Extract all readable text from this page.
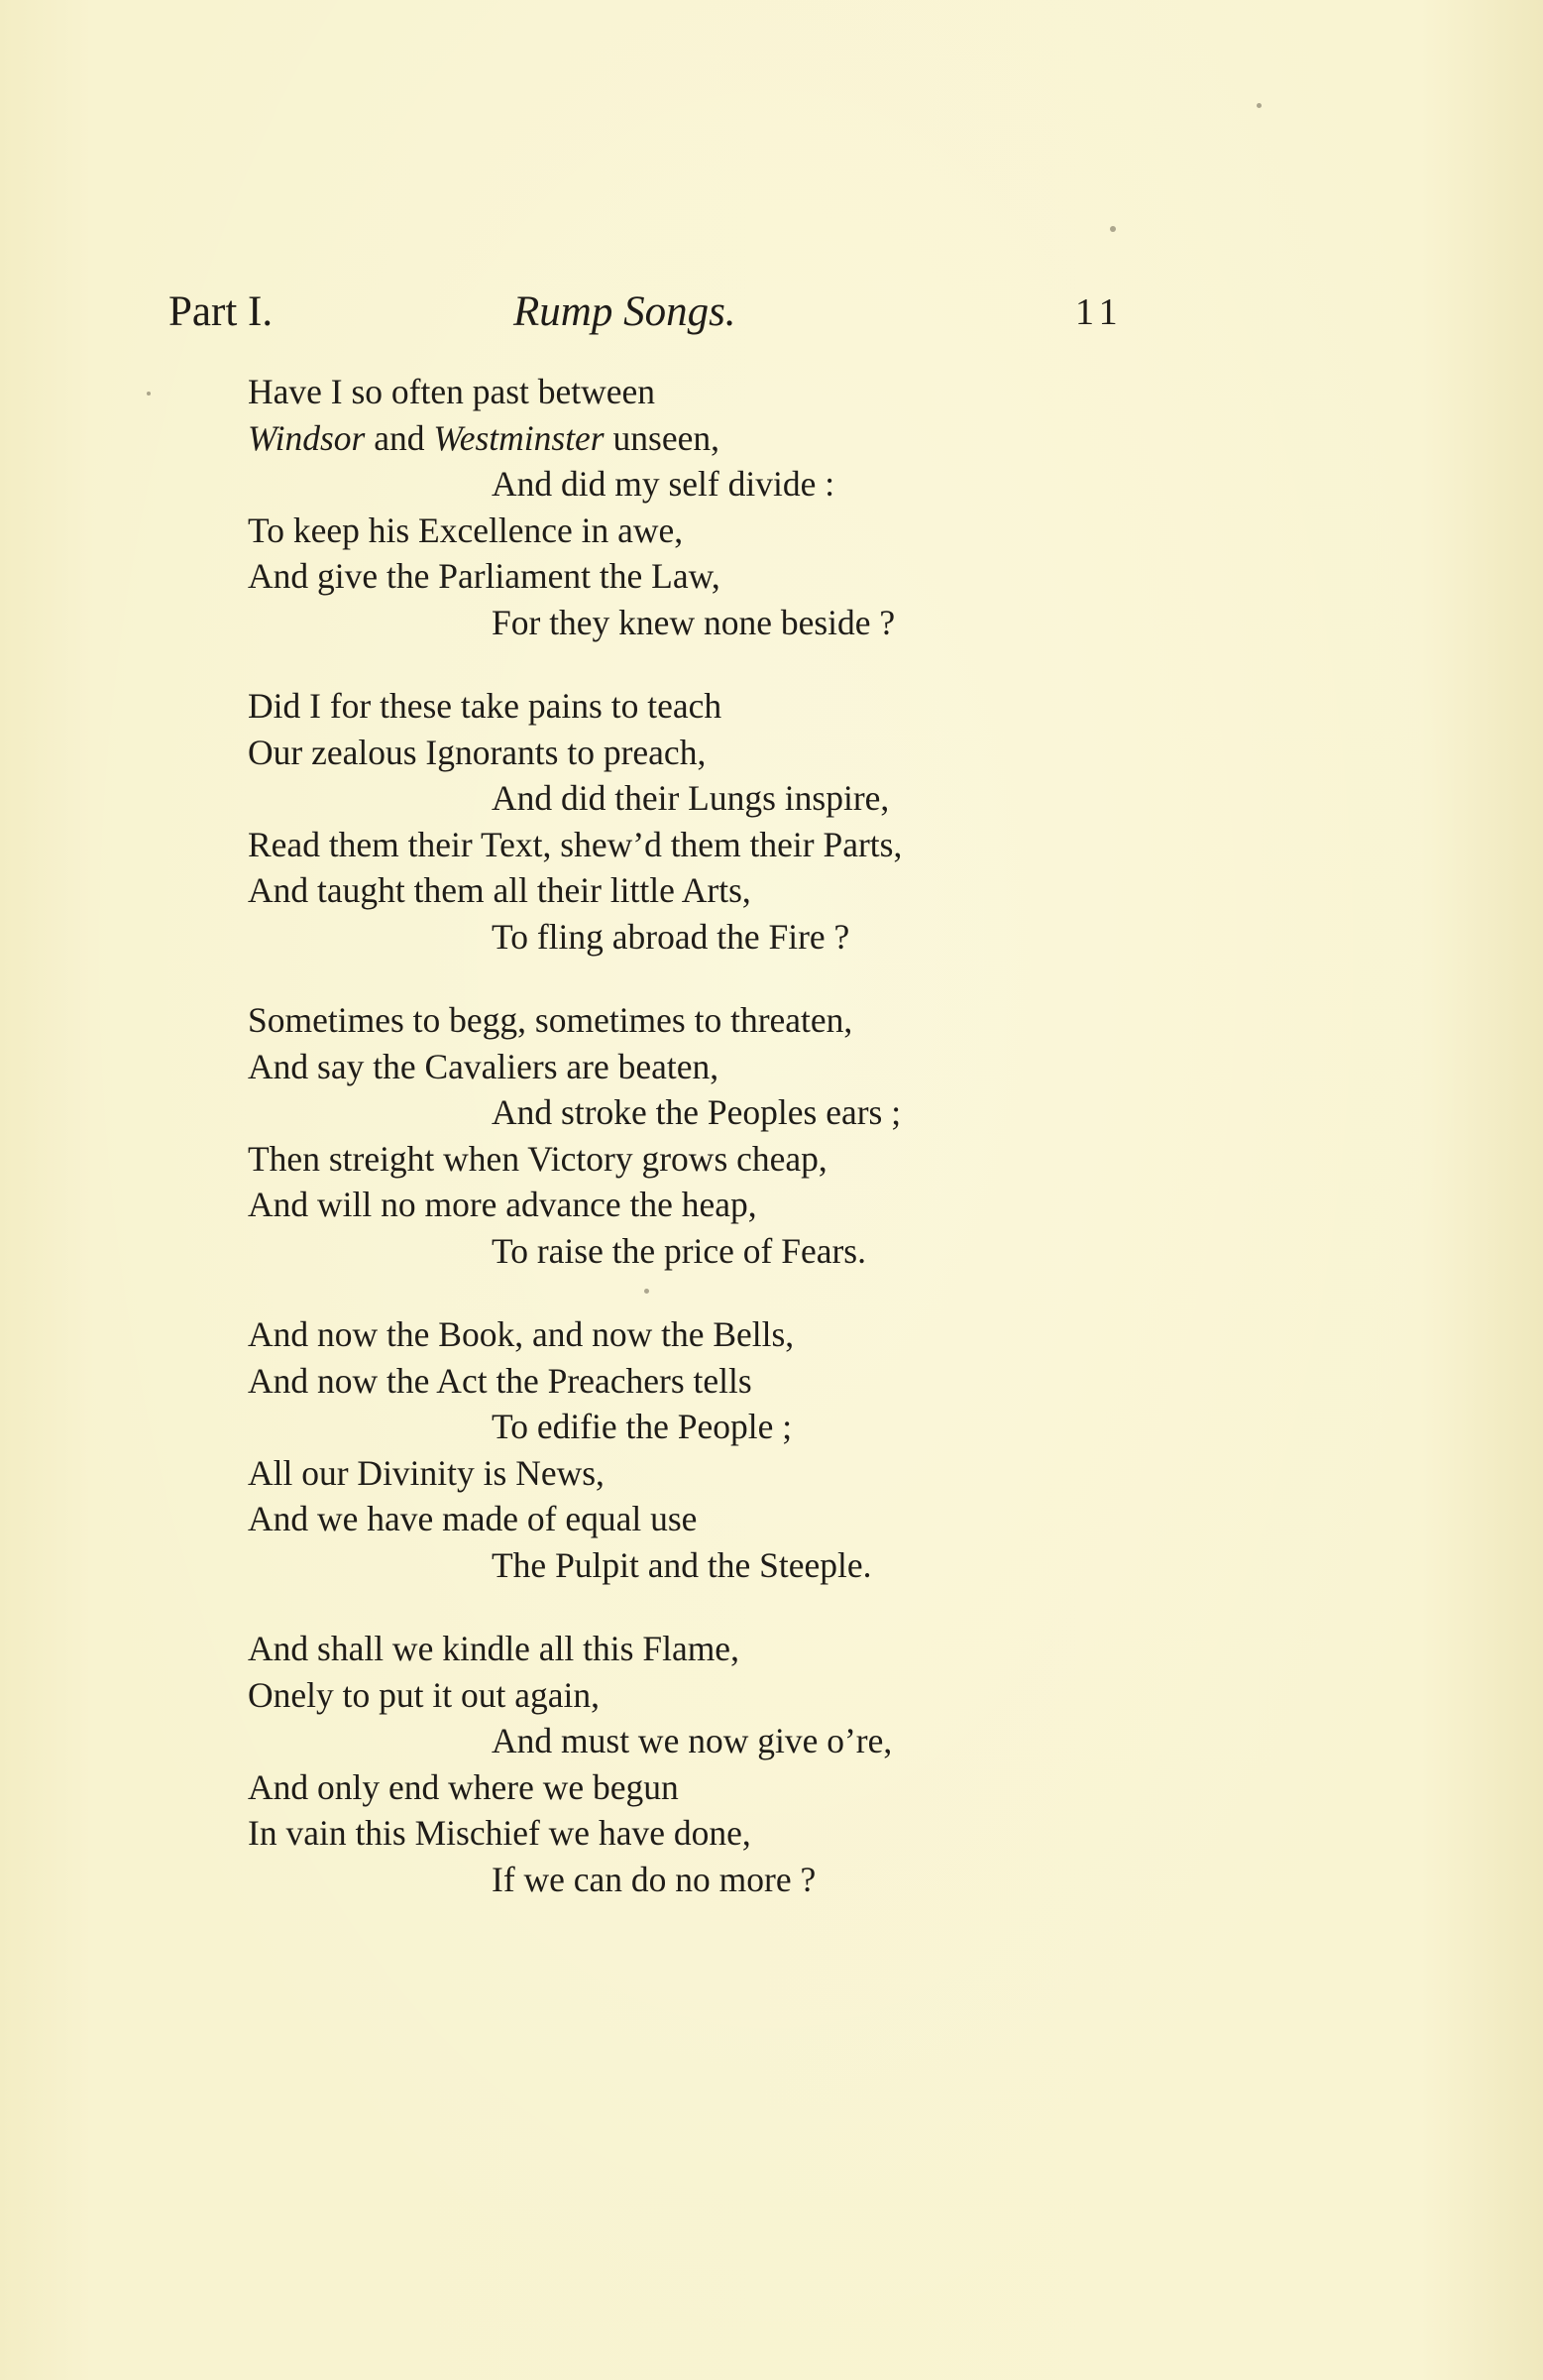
Part I.	Rump Songs.	11
Have I so often past between
Windsor and Westminster unseen,
And did my self divide :
To keep his Excellence in awe,
And give the Parliament the Law,
For they knew none beside ?
Did I for these take pains to teach
Our zealous Ignorants to preach,
And did their Lungs inspire,
Read them their Text, shew’d them their Parts,
And taught them all their little Arts,
To fling abroad the Fire ?
Sometimes to begg, sometimes to threaten,
And say the Cavaliers are beaten,
And stroke the Peoples ears ;
Then streight when Victory grows cheap,
And will no more advance the heap,
To raise the price of Fears.
And now the Book, and now the Bells,
And now the Act the Preachers tells
To edifie the People ;
All our Divinity is News,
And we have made of equal use
The Pulpit and the Steeple.
And shall we kindle all this Flame,
Onely to put it out again,
And must we now give o’re,
And only end where we begun
In vain this Mischief we have done,
If we can do no more ?
